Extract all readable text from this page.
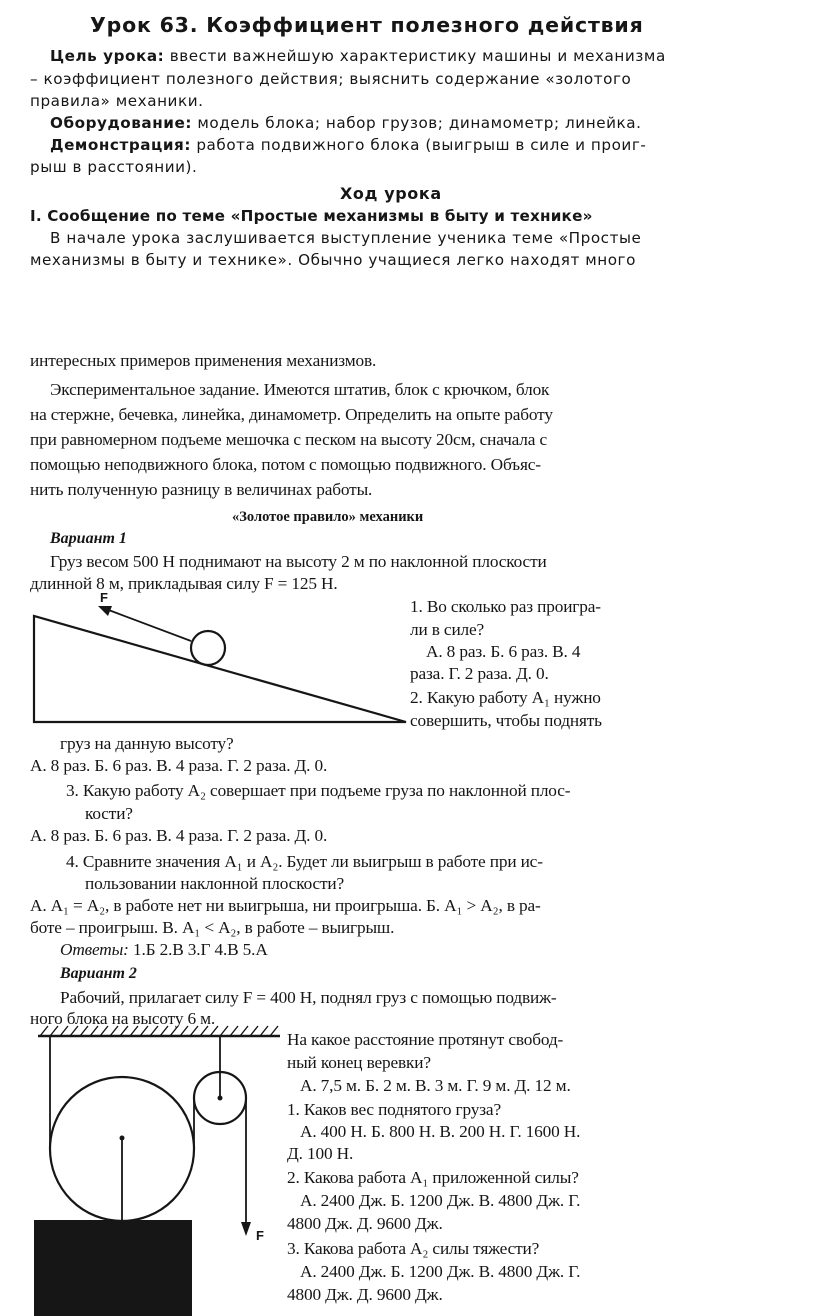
Урок 63. Коэффициент полезного действия
Цель урока: ввести важнейшую характеристику машины и механизма
– коэффициент полезного действия; выяснить содержание «золотого
правила» механики.
Оборудование: модель блока; набор грузов; динамометр; линейка.
Демонстрация: работа подвижного блока (выигрыш в силе и проиг-
рыш в расстоянии).
Ход урока
I. Сообщение по теме «Простые механизмы в быту и технике»
В начале урока заслушивается выступление ученика теме «Простые
механизмы в быту и технике». Обычно учащиеся легко находят много
интересных примеров применения механизмов.
Экспериментальное задание. Имеются штатив, блок с крючком, блок
на стержне, бечевка, линейка, динамометр. Определить на опыте работу
при равномерном подъеме мешочка с песком на высоту 20см, сначала с
помощью неподвижного блока, потом с помощью подвижного. Объяс-
нить полученную разницу в величинах работы.
«Золотое правило» механики
Вариант 1
Груз весом 500 Н поднимают на высоту 2 м по наклонной плоскости
длинной 8 м, прикладывая силу F = 125 Н.
F	1. Во сколько раз проигра-
ли в силе?
А. 8 раз. Б. 6 раз. В. 4
раза. Г. 2 раза. Д. 0.
2. Какую работу А₁ нужно
совершить, чтобы поднять
груз на данную высоту?
А. 8 раз. Б. 6 раз. В. 4 раза. Г. 2 раза. Д. 0.
3. Какую работу А₂ совершает при подъеме груза по наклонной плос-
кости?
А. 8 раз. Б. 6 раз. В. 4 раза. Г. 2 раза. Д. 0.
4. Сравните значения А₁ и А₂. Будет ли выигрыш в работе при ис-
пользовании наклонной плоскости?
А. А₁ = А₂, в работе нет ни выигрыша, ни проигрыша. Б. А₁ > А₂, в ра-
боте – проигрыш. В. А₁ < А₂, в работе – выигрыш.
Ответы: 1.Б 2.В 3.Г 4.В 5.А
Вариант 2
Рабочий, прилагает силу F = 400 Н, поднял груз с помощью подвиж-
ного блока на высоту 6 м.
F
На какое расстояние протянут свобод-
ный конец веревки?
А. 7,5 м. Б. 2 м. В. 3 м. Г. 9 м. Д. 12 м.
1. Каков вес поднятого груза?
А. 400 Н. Б. 800 Н. В. 200 Н. Г. 1600 Н.
Д. 100 Н.
2. Какова работа А₁ приложенной силы?
А. 2400 Дж. Б. 1200 Дж. В. 4800 Дж. Г.
4800 Дж. Д. 9600 Дж.
3. Какова работа А₂ силы тяжести?
А. 2400 Дж. Б. 1200 Дж. В. 4800 Дж. Г.
4800 Дж. Д. 9600 Дж.
